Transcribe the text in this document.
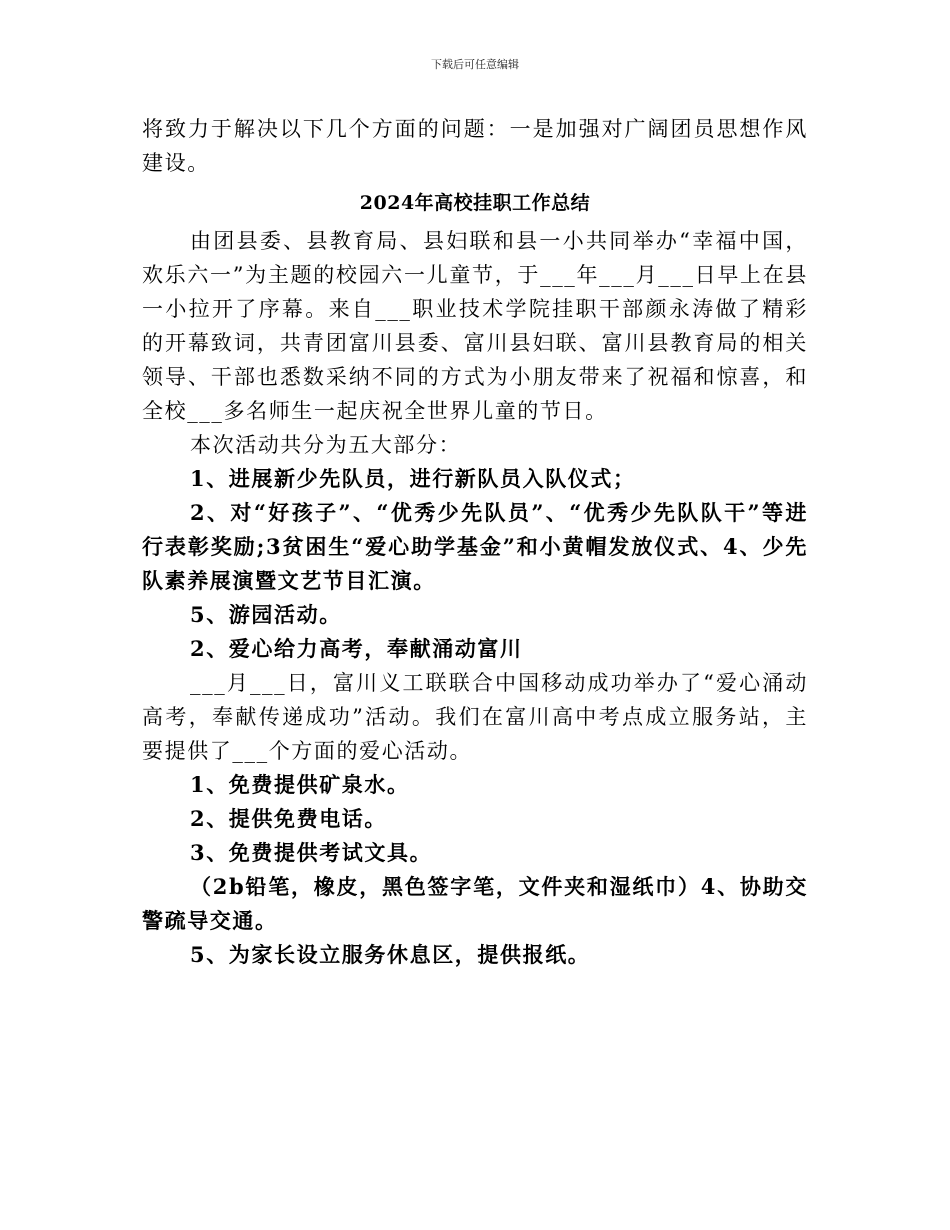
下载后可任意编辑

将致力于解决以下几个方面的问题：一是加强对广阔团员思想作风建设。

2024年高校挂职工作总结

由团县委、县教育局、县妇联和县一小共同举办“幸福中国，欢乐六一”为主题的校园六一儿童节，于___年___月___日早上在县一小拉开了序幕。来自___职业技术学院挂职干部颜永涛做了精彩的开幕致词，共青团富川县委、富川县妇联、富川县教育局的相关领导、干部也悉数采纳不同的方式为小朋友带来了祝福和惊喜，和全校___多名师生一起庆祝全世界儿童的节日。

本次活动共分为五大部分：

1、进展新少先队员，进行新队员入队仪式；

2、对“好孩子”、“优秀少先队员”、“优秀少先队队干”等进行表彰奖励;3贫困生“爱心助学基金”和小黄帽发放仪式、4、少先队素养展演暨文艺节目汇演。

5、游园活动。

2、爱心给力高考，奉献涌动富川

___月___日，富川义工联联合中国移动成功举办了“爱心涌动高考，奉献传递成功”活动。我们在富川高中考点成立服务站，主要提供了___个方面的爱心活动。

1、免费提供矿泉水。

2、提供免费电话。

3、免费提供考试文具。

（2b铅笔，橡皮，黑色签字笔，文件夹和湿纸巾）4、协助交警疏导交通。

5、为家长设立服务休息区，提供报纸。
